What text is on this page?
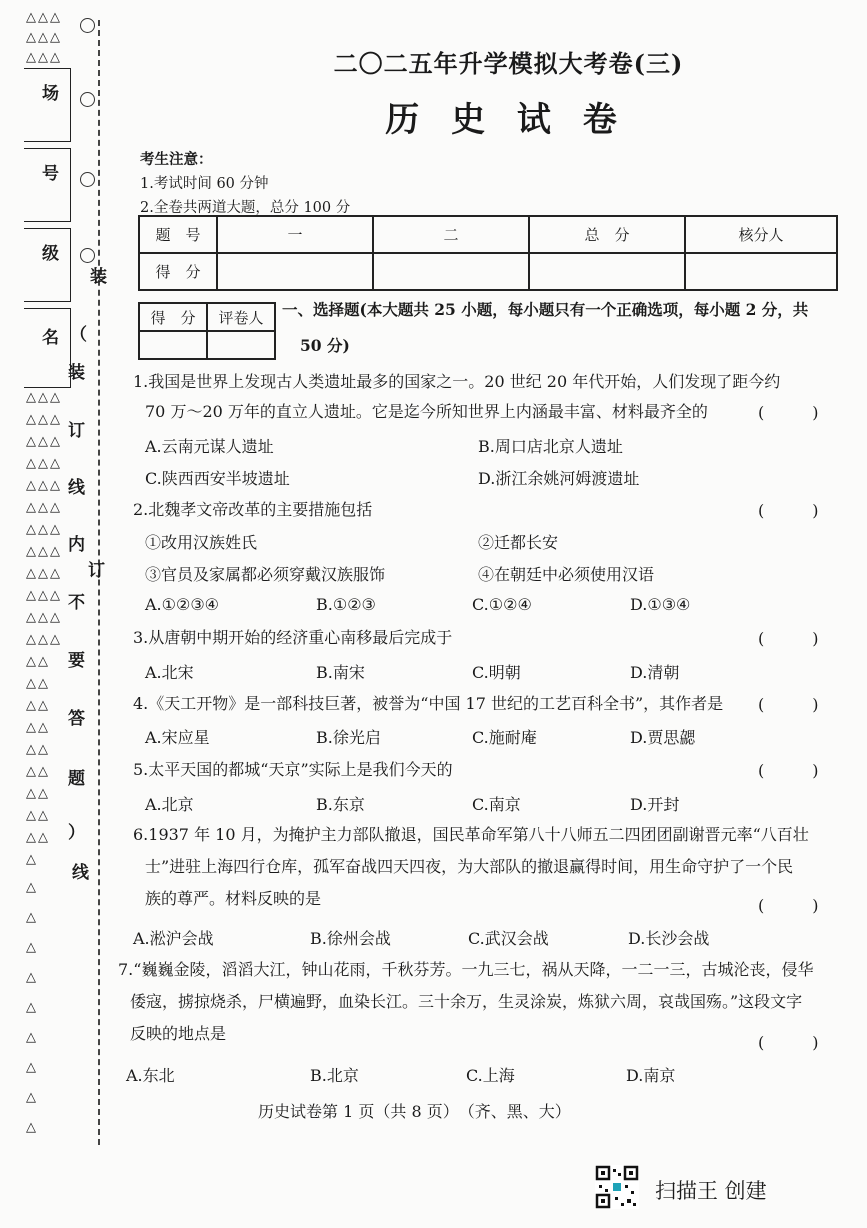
△△△
△△△
△△△
△△△
△△△
△△△
△△△
△△△
△△△
△△△
△△△
△△△
△△△
△△△
△△△
△△
△△
△△
△△
△△
△△
△△
△△
△△
△
△
△
△
△
△
△
△
△
△
场
号
级
名
装
（
装
订
线
内
订
不
要
答
题
）
线
二〇二五年升学模拟大考卷(三)
历 史 试 卷
考生注意：
1.考试时间 60 分钟
2.全卷共两道大题，总分 100 分
题　号	一	二	总　分	核分人
得　分				
得　分	评卷人
	一、选择题(本大题共 25 小题，每小题只有一个正确选项，每小题 2 分，共
50 分)
1.我国是世界上发现古人类遗址最多的国家之一。20 世纪 20 年代开始，人们发现了距今约
70 万～20 万年的直立人遗址。它是迄今所知世界上内涵最丰富、材料最齐全的	(　　　)
A.云南元谋人遗址	B.周口店北京人遗址
C.陕西西安半坡遗址	D.浙江余姚河姆渡遗址
2.北魏孝文帝改革的主要措施包括	(　　　)
①改用汉族姓氏	②迁都长安
③官员及家属都必须穿戴汉族服饰	④在朝廷中必须使用汉语
A.①②③④	B.①②③	C.①②④	D.①③④
3.从唐朝中期开始的经济重心南移最后完成于	(　　　)
A.北宋	B.南宋	C.明朝	D.清朝
4.《天工开物》是一部科技巨著，被誉为“中国 17 世纪的工艺百科全书”，其作者是 (　　　)
A.宋应星	B.徐光启	C.施耐庵	D.贾思勰
5.太平天国的都城“天京”实际上是我们今天的	(　　　)
A.北京	B.东京	C.南京	D.开封
6.1937 年 10 月，为掩护主力部队撤退，国民革命军第八十八师五二四团团副谢晋元率“八百壮
士”进驻上海四行仓库，孤军奋战四天四夜，为大部队的撤退赢得时间，用生命守护了一个民
族的尊严。材料反映的是	(　　　)
A.淞沪会战	B.徐州会战	C.武汉会战	D.长沙会战
7.“巍巍金陵，滔滔大江，钟山花雨，千秋芬芳。一九三七，祸从天降，一二一三，古城沦丧，侵华
倭寇，掳掠烧杀，尸横遍野，血染长江。三十余万，生灵涂炭，炼狱六周，哀哉国殇。”这段文字
反映的地点是	(　　　)
A.东北	B.北京	C.上海	D.南京
历史试卷第 1 页（共 8 页）　（齐、黑、大）
扫描王 创建
